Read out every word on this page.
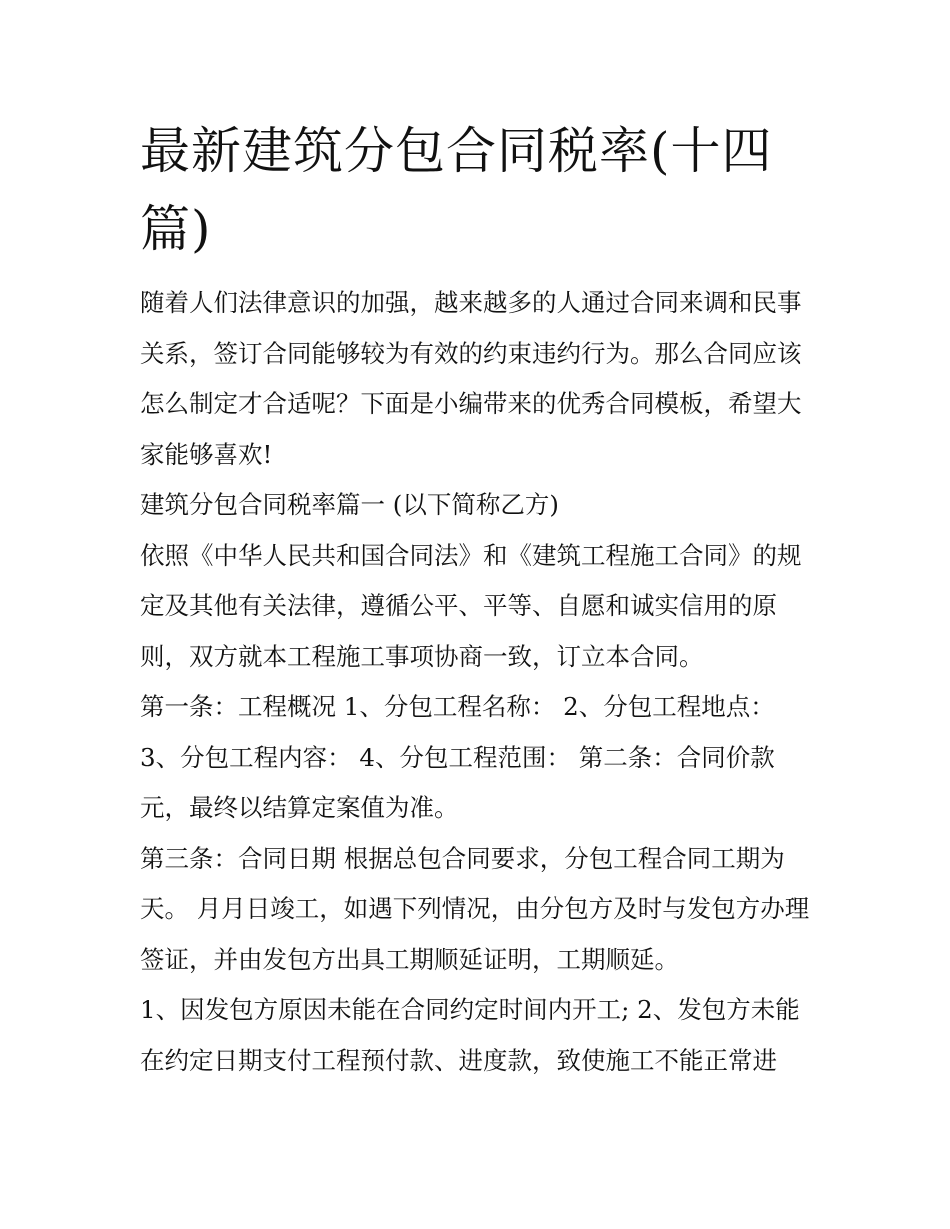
最新建筑分包合同税率(十四篇)

随着人们法律意识的加强，越来越多的人通过合同来调和民事关系，签订合同能够较为有效的约束违约行为。那么合同应该怎么制定才合适呢？下面是小编带来的优秀合同模板，希望大家能够喜欢!

建筑分包合同税率篇一 (以下简称乙方)

依照《中华人民共和国合同法》和《建筑工程施工合同》的规定及其他有关法律，遵循公平、平等、自愿和诚实信用的原则，双方就本工程施工事项协商一致，订立本合同。

第一条：工程概况 1、分包工程名称： 2、分包工程地点： 3、分包工程内容： 4、分包工程范围： 第二条：合同价款 元，最终以结算定案值为准。

第三条：合同日期 根据总包合同要求，分包工程合同工期为 天。 月月日竣工，如遇下列情况，由分包方及时与发包方办理签证，并由发包方出具工期顺延证明，工期顺延。

1、因发包方原因未能在合同约定时间内开工; 2、发包方未能在约定日期支付工程预付款、进度款，致使施工不能正常进
